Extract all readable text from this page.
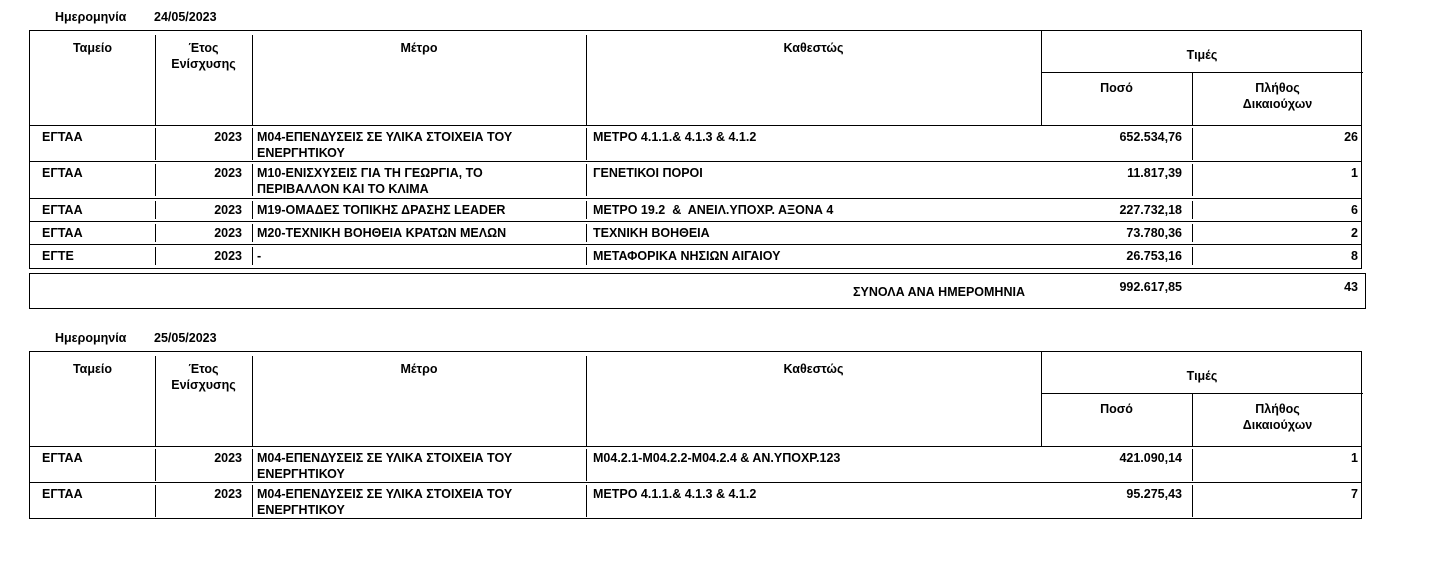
Ημερομηνία 24/05/2023
Ταμείο	Έτος
Ενίσχυσης
Μέτρο	Καθεστώς	Τιμές
Ποσό	Πλήθος
Δικαιούχων
ΕΓΤΑΑ	2023 Μ04-ΕΠΕΝΔΥΣΕΙΣ ΣΕ ΥΛΙΚΑ ΣΤΟΙΧΕΙΑ ΤΟΥ
ΕΝΕΡΓΗΤΙΚΟΥ
ΜΕΤΡΟ 4.1.1.& 4.1.3 & 4.1.2	652.534,76	26
ΕΓΤΑΑ	2023 Μ10-ΕΝΙΣΧΥΣΕΙΣ ΓΙΑ ΤΗ ΓΕΩΡΓΙΑ, ΤΟ
ΠΕΡΙΒΑΛΛΟΝ ΚΑΙ ΤΟ ΚΛΙΜΑ
ΓΕΝΕΤΙΚΟΙ ΠΟΡΟΙ	11.817,39	1
ΕΓΤΑΑ	2023 Μ19-ΟΜΑΔΕΣ ΤΟΠΙΚΗΣ ΔΡΑΣΗΣ LEADER	ΜΕΤΡΟ 19.2  &  ΑΝΕΙΛ.ΥΠΟΧΡ. ΑΞΟΝΑ 4	227.732,18	6
ΕΓΤΑΑ	2023 Μ20-ΤΕΧΝΙΚΗ ΒΟΗΘΕΙΑ ΚΡΑΤΩΝ ΜΕΛΩΝ	ΤΕΧΝΙΚΗ ΒΟΗΘΕΙΑ	73.780,36	2
ΕΓΤΕ	2023 -	ΜΕΤΑΦΟΡΙΚΑ ΝΗΣΙΩΝ ΑΙΓΑΙΟΥ	26.753,16	8
ΣΥΝΟΛΑ ΑΝΑ ΗΜΕΡΟΜΗΝΙΑ	992.617,85	43
Ημερομηνία 25/05/2023
Ταμείο	Έτος
Ενίσχυσης
Μέτρο	Καθεστώς	Τιμές
Ποσό	Πλήθος
Δικαιούχων
ΕΓΤΑΑ	2023 Μ04-ΕΠΕΝΔΥΣΕΙΣ ΣΕ ΥΛΙΚΑ ΣΤΟΙΧΕΙΑ ΤΟΥ
ΕΝΕΡΓΗΤΙΚΟΥ
Μ04.2.1-Μ04.2.2-Μ04.2.4 & ΑΝ.ΥΠΟΧΡ.123	421.090,14	1
ΕΓΤΑΑ	2023 Μ04-ΕΠΕΝΔΥΣΕΙΣ ΣΕ ΥΛΙΚΑ ΣΤΟΙΧΕΙΑ ΤΟΥ
ΕΝΕΡΓΗΤΙΚΟΥ
ΜΕΤΡΟ 4.1.1.& 4.1.3 & 4.1.2	95.275,43	7
